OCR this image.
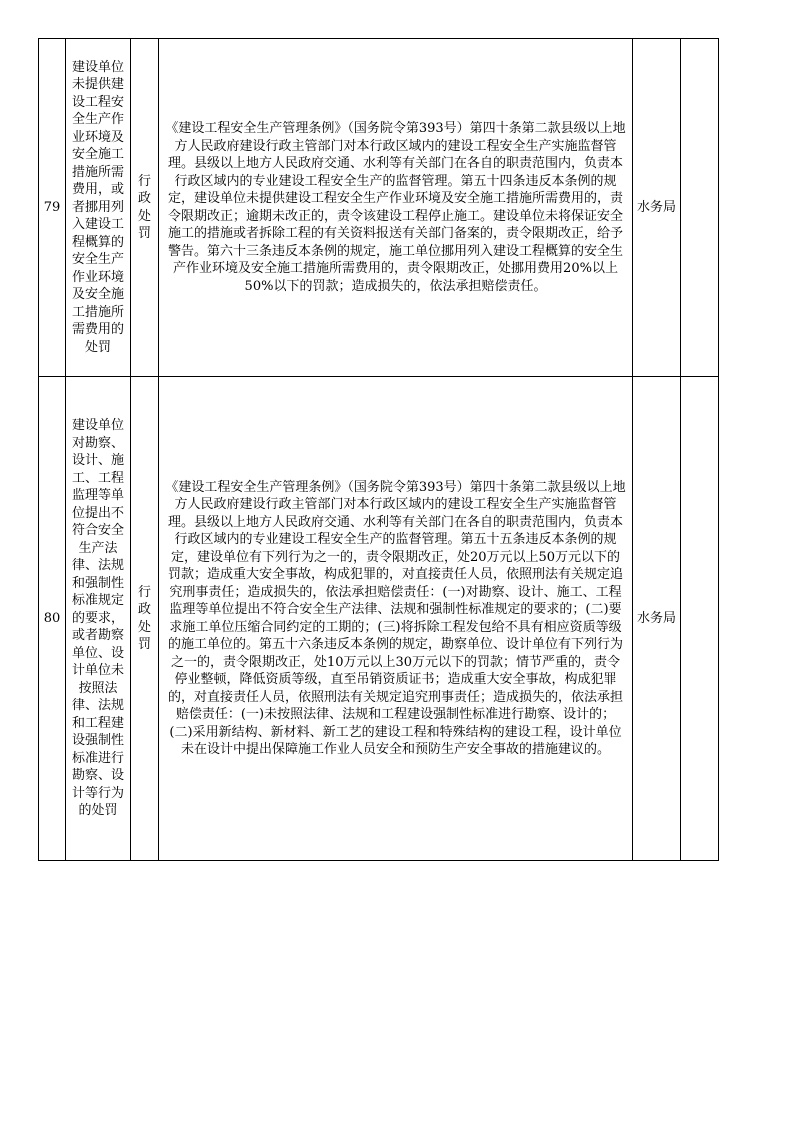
79	建设单位未提供建设工程安全生产作业环境及安全施工措施所需费用，或者挪用列入建设工程概算的安全生产作业环境及安全施工措施所需费用的处罚	行政处罚	《建设工程安全生产管理条例》（国务院令第393号）第四十条第二款县级以上地方人民政府建设行政主管部门对本行政区域内的建设工程安全生产实施监督管理。县级以上地方人民政府交通、水利等有关部门在各自的职责范围内，负责本行政区域内的专业建设工程安全生产的监督管理。第五十四条违反本条例的规定，建设单位未提供建设工程安全生产作业环境及安全施工措施所需费用的，责令限期改正；逾期未改正的，责令该建设工程停止施工。建设单位未将保证安全施工的措施或者拆除工程的有关资料报送有关部门备案的，责令限期改正，给予警告。第六十三条违反本条例的规定，施工单位挪用列入建设工程概算的安全生产作业环境及安全施工措施所需费用的，责令限期改正，处挪用费用20%以上50%以下的罚款；造成损失的，依法承担赔偿责任。	水务局	
80	建设单位对勘察、设计、施工、工程监理等单位提出不符合安全生产法律、法规和强制性标准规定的要求，或者勘察单位、设计单位未按照法律、法规和工程建设强制性标准进行勘察、设计等行为的处罚	行政处罚	《建设工程安全生产管理条例》（国务院令第393号）第四十条第二款县级以上地方人民政府建设行政主管部门对本行政区域内的建设工程安全生产实施监督管理。县级以上地方人民政府交通、水利等有关部门在各自的职责范围内，负责本行政区域内的专业建设工程安全生产的监督管理。第五十五条违反本条例的规定，建设单位有下列行为之一的，责令限期改正，处20万元以上50万元以下的罚款；造成重大安全事故，构成犯罪的，对直接责任人员，依照刑法有关规定追究刑事责任；造成损失的，依法承担赔偿责任：(一)对勘察、设计、施工、工程监理等单位提出不符合安全生产法律、法规和强制性标准规定的要求的；(二)要求施工单位压缩合同约定的工期的；(三)将拆除工程发包给不具有相应资质等级的施工单位的。第五十六条违反本条例的规定，勘察单位、设计单位有下列行为之一的，责令限期改正，处10万元以上30万元以下的罚款；情节严重的，责令停业整顿，降低资质等级，直至吊销资质证书；造成重大安全事故，构成犯罪的，对直接责任人员，依照刑法有关规定追究刑事责任；造成损失的，依法承担赔偿责任：(一)未按照法律、法规和工程建设强制性标准进行勘察、设计的；(二)采用新结构、新材料、新工艺的建设工程和特殊结构的建设工程，设计单位未在设计中提出保障施工作业人员安全和预防生产安全事故的措施建议的。	水务局	
